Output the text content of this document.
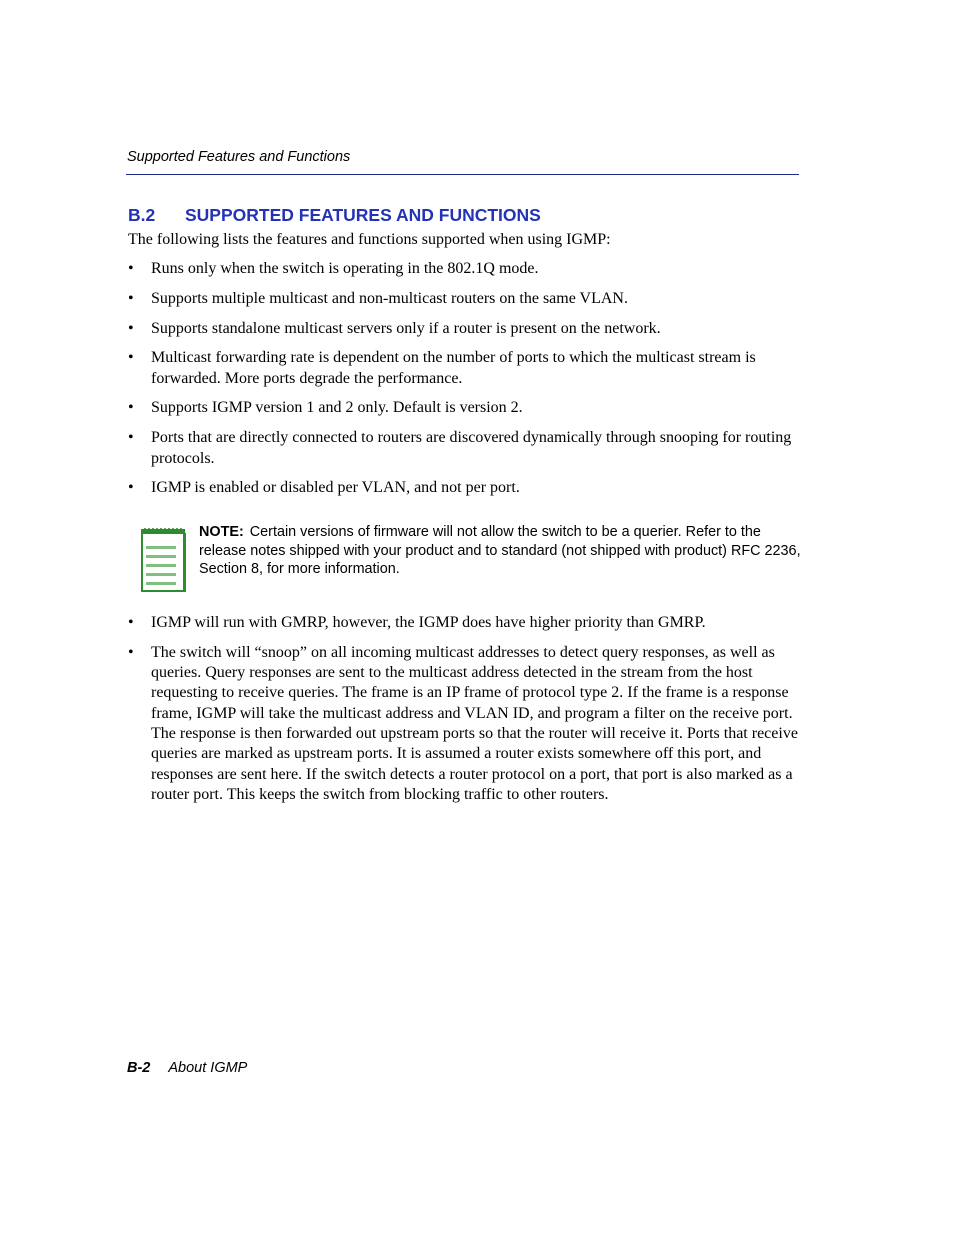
Supported Features and Functions
B.2 SUPPORTED FEATURES AND FUNCTIONS

The following lists the features and functions supported when using IGMP:

• Runs only when the switch is operating in the 802.1Q mode.
• Supports multiple multicast and non-multicast routers on the same VLAN.
• Supports standalone multicast servers only if a router is present on the network.
• Multicast forwarding rate is dependent on the number of ports to which the multicast stream is forwarded. More ports degrade the performance.
• Supports IGMP version 1 and 2 only. Default is version 2.
• Ports that are directly connected to routers are discovered dynamically through snooping for routing protocols.
• IGMP is enabled or disabled per VLAN, and not per port.

NOTE: Certain versions of firmware will not allow the switch to be a querier. Refer to the release notes shipped with your product and to standard (not shipped with product) RFC 2236, Section 8, for more information.

• IGMP will run with GMRP, however, the IGMP does have higher priority than GMRP.
• The switch will “snoop” on all incoming multicast addresses to detect query responses, as well as queries. Query responses are sent to the multicast address detected in the stream from the host requesting to receive queries. The frame is an IP frame of protocol type 2. If the frame is a response frame, IGMP will take the multicast address and VLAN ID, and program a filter on the receive port. The response is then forwarded out upstream ports so that the router will receive it. Ports that receive queries are marked as upstream ports. It is assumed a router exists somewhere off this port, and responses are sent here. If the switch detects a router protocol on a port, that port is also marked as a router port. This keeps the switch from blocking traffic to other routers.
B-2 About IGMP
